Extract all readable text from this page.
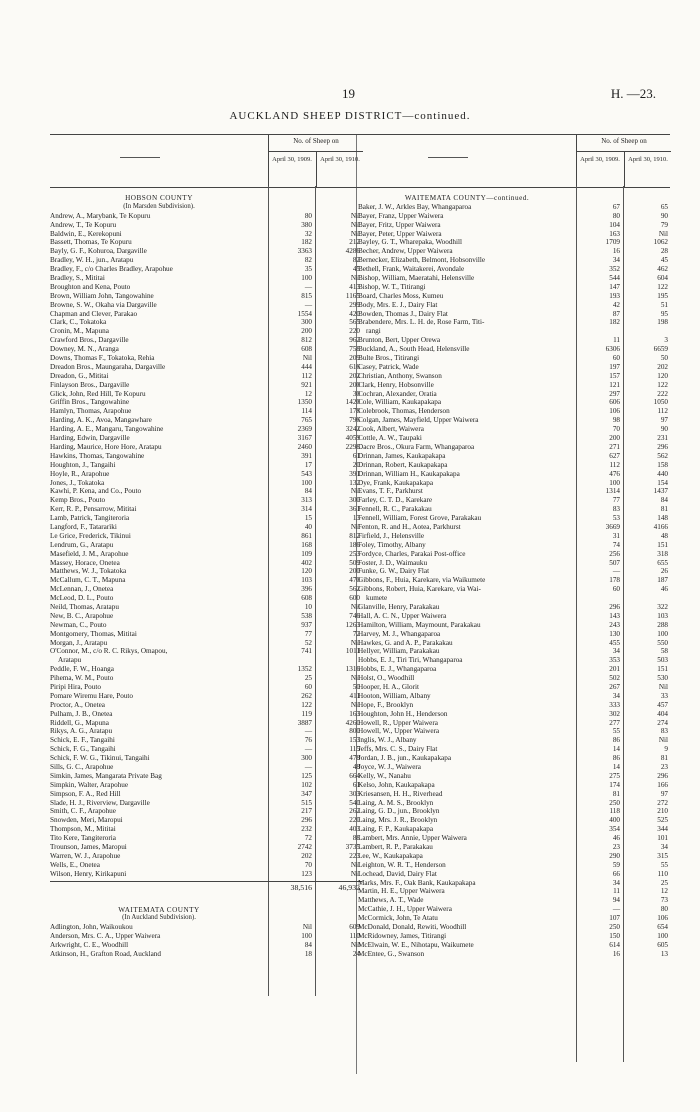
19	H. —23.
AUCKLAND SHEEP DISTRICT—continued.
No. of Sheep on
April 30, 1909.	April 30, 1910.
HOBSON COUNTY
(In Marsden Subdivision).
Andrew, A., Marybank, Te Kopuru	80	Nil
Andrew, T., Te Kopuru	380	Nil
Baldwin, E., Kerekopuni	32	Nil
Bassett, Thomas, Te Kopuru	182	212
Bayly, G. F., Kohuroa, Dargaville	3363	4286
Bradley, W. H., jun., Aratapu	82	82
Bradley, F., c/o Charles Bradley, Arapohue	35	45
Bradley, S., Mititai	100	Nil
Broughton and Kena, Pouto	—	413
Brown, William John, Tangowahine	815	1165
Browne, S. W., Okaha via Dargaville	—	299
Chapman and Clever, Parakao	1554	420
Clark, C., Tokatoka	300	565
Cronin, M., Mapuna	200	220
Crawford Bros., Dargaville	812	962
Downey, M. N., Aranga	608	758
Downs, Thomas F., Tokatoka, Rehia	Nil	209
Dreadon Bros., Maungaraha, Dargaville	444	616
Dreadon, G., Mititai	112	202
Finlayson Bros., Dargaville	921	200
Glick, John, Red Hill, Te Kopuru	12	30
Griffin Bros., Tangowahine	1350	1420
Hamlyn, Thomas, Arapohue	114	178
Harding, A. K., Avoa, Mangawhare	765	796
Harding, A. E., Mangaru, Tangowahine	2369	3242
Harding, Edwin, Dargaville	3167	4059
Harding, Maurice, Hore Hore, Aratapu	2460	2298
Hawkins, Thomas, Tangowahine	391	61
Houghton, J., Tangaihi	17	20
Hoyle, R., Arapohue	543	391
Jones, J., Tokatoka	100	132
Kawhi, P. Kena, and Co., Pouto	84	Nil
Kemp Bros., Pouto	313	300
Kerr, R. P., Pensarrow, Mititai	314	361
Lamb, Patrick, Tangiteroria	15	13
Langford, F., Tatararìki	40	Nil
Le Grice, Frederick, Tikinui	861	812
Lendrum, G., Aratapu	168	186
Masefield, J. M., Arapohue	109	253
Massey, Horace, Onetea	402	509
Matthews, W. J., Tokatoka	120	200
McCallum, C. T., Mapuna	103	470
McLennan, J., Onetea	396	562
McLeod, D. L., Pouto	608	600
Neild, Thomas, Aratapu	10	Nil
New, B. C., Arapohue	538	746
Newman, C., Pouto	937	1263
Montgomery, Thomas, Mititai	77	72
Morgan, J., Aratapu	52	Nil
O'Connor, M., c/o R. C. Rikys, Omapou,	741	1011
Aratapu
Peddle, F. W., Hoanga	1352	1316
Pihema, W. M., Pouto	25	Nil
Piripi Hira, Pouto	60	50
Pomare Wiremu Hare, Pouto	262	411
Proctor, A., Onetea	122	Nil
Pulham, J. B., Onetea	119	163
Riddell, G., Mapuna	3887	4260
Rikys, A. G., Aratapu	—	800
Schick, E. F., Tangaihi	76	153
Schick, F. G., Tangaihi	—	115
Schick, F. W. G., Tikinui, Tangaihi	300	478
Sills, G. C., Arapohue	—	48
Simkin, James, Mangarata Private Bag	125	664
Simpkin, Walter, Arapohue	102	61
Simpson, F. A., Red Hill	347	303
Slade, H. J., Riverview, Dargaville	515	540
Smith, C. F., Arapohue	217	262
Snowden, Meri, Maropui	296	220
Thompson, M., Mititai	232	403
Tito Kere, Tangiteroria	72	88
Trounson, James, Maropui	2742	3735
Warren, W. J., Arapohue	202	223
Wells, E., Onetea	70	Nil
Wilson, Henry, Kirikapuni	123	Nil
38,516	46,932
WAITEMATA COUNTY
(In Auckland Subdivision).
Adlington, John, Waikoukou	Nil	609
Anderson, Mrs. C. A., Upper Waiwera	100	110
Arkwright, C. E., Woodhill	84	Nil
Atkinson, H., Grafton Road, Auckland	18	24
No. of Sheep on
April 30, 1909.	April 30, 1910.
WAITEMATA COUNTY—continued.
Baker, J. W., Arkles Bay, Whangaparoa	67	65
Bayer, Franz, Upper Waiwera	80	90
Bayer, Fritz, Upper Waiwera	104	79
Bayer, Peter, Upper Waiwera	163	Nil
Bayley, G. T., Wharepaka, Woodhill	1709	1062
Becher, Andrew, Upper Waiwera	16	28
Bernecker, Elizabeth, Belmont, Hobsonville	34	45
Bethell, Frank, Waitakerei, Avondale	352	462
Bishop, William, Maeratahi, Helensville	544	604
Bishop, W. T., Titirangi	147	122
Board, Charles Moss, Kumeu	193	195
Body, Mrs. E. J., Dairy Flat	42	51
Bowden, Thomas J., Dairy Flat	87	95
Brabendere, Mrs. L. H. de, Rose Farm, Titi-	182	198
rangi
Brunton, Bert, Upper Orewa	11	3
Buckland, A., South Head, Helensville	6306	6659
Bulte Bros., Titirangi	60	50
Casey, Patrick, Wade	197	202
Christian, Anthony, Swanson	157	120
Clark, Henry, Hobsonville	121	122
Cochran, Alexander, Oratia	297	222
Cole, William, Kaukapakapa	606	1050
Colebrook, Thomas, Henderson	106	112
Colgan, James, Mayfield, Upper Waiwera	98	97
Cook, Albert, Waiwera	70	90
Cottle, A. W., Taupaki	200	231
Dacre Bros., Okura Farm, Whangaparoa	271	296
Drinnan, James, Kaukapakapa	627	562
Drinnan, Robert, Kaukapakapa	112	158
Drinnan, William H., Kaukapakapa	476	440
Dye, Frank, Kaukapakapa	100	154
Evans, T. F., Parkhurst	1314	1437
Farley, C. T. D., Karekare	77	84
Fennell, R. C., Parakakau	83	81
Fennell, William, Forest Grove, Parakakau	53	148
Fenton, R. and H., Aotea, Parkhurst	3669	4166
Firfield, J., Helensville	31	48
Foley, Timothy, Albany	74	151
Fordyce, Charles, Parakai Post-office	256	318
Foster, J. D., Waimauku	507	655
Funke, G. W., Dairy Flat	—	26
Gibbons, F., Huia, Karekare, via Waikumete	178	187
Gibbons, Robert, Huia, Karekare, via Wai-	60	46
kumete
Glanville, Henry, Parakakau	296	322
Hall, A. C. N., Upper Waiwera	143	103
Hamilton, William, Maymount, Parakakau	243	288
Harvey, M. J., Whangaparoa	130	100
Hawkes, G. and A. P., Parakakau	455	550
Hellyer, William, Parakakau	34	58
Hobbs, E. J., Tiri Tiri, Whangaparoa	353	503
Hobbs, E. J., Whangaparoa	201	151
Holst, O., Woodhill	502	530
Hooper, H. A., Glorit	267	Nil
Hooton, William, Albany	34	33
Hope, F., Brooklyn	333	457
Houghton, John H., Henderson	302	404
Howell, R., Upper Waiwera	277	274
Howell, W., Upper Waiwera	55	83
Inglis, W. J., Albany	86	Nil
Jeffs, Mrs. C. S., Dairy Flat	14	9
Jordan, J. B., jun., Kaukapakapa	86	81
Joyce, W. J., Waiwera	14	23
Kelly, W., Nanahu	275	296
Kelso, John, Kaukapakapa	174	166
Kriesansen, H. H., Riverhead	81	97
Laing, A. M. S., Brooklyn	250	272
Laing, G. D., jun., Brooklyn	118	210
Laing, Mrs. J. R., Brooklyn	400	525
Laing, F. P., Kaukapakapa	354	344
Lambert, Mrs. Annie, Upper Waiwera	46	101
Lambert, R. P., Parakakau	23	34
Lee, W., Kaukapakapa	290	315
Leighton, W. R. T., Henderson	59	55
Lochead, David, Dairy Flat	66	110
Marks, Mrs. F., Oak Bank, Kaukapakapa	34	25
Martin, H. E., Upper Waiwera	11	12
Matthews, A. T., Wade	94	73
McCathie, J. H., Upper Waiwera	—	80
McCormick, John, Te Atatu	107	106
McDonald, Donald, Rewiti, Woodhill	250	654
McRidowney, James, Titirangi	150	100
McElwain, W. E., Nihotapu, Waikumete	614	605
McEntee, G., Swanson	16	13
